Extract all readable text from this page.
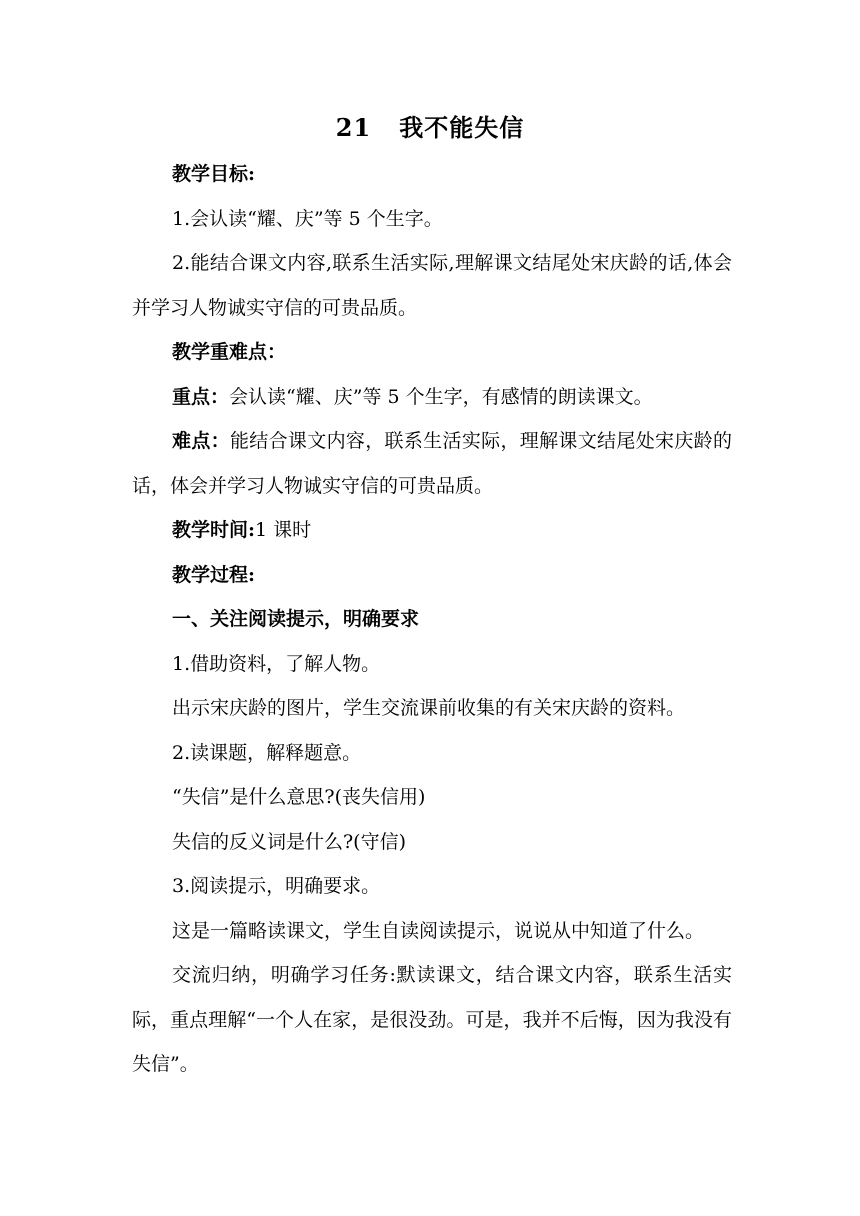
21   我不能失信

教学目标:

1.会认读“耀、庆”等 5 个生字。

2.能结合课文内容,联系生活实际,理解课文结尾处宋庆龄的话,体会并学习人物诚实守信的可贵品质。

教学重难点：

重点：会认读“耀、庆”等 5 个生字，有感情的朗读课文。

难点：能结合课文内容，联系生活实际，理解课文结尾处宋庆龄的话，体会并学习人物诚实守信的可贵品质。

教学时间:1 课时

教学过程:

一、关注阅读提示，明确要求

1.借助资料，了解人物。

出示宋庆龄的图片，学生交流课前收集的有关宋庆龄的资料。

2.读课题，解释题意。

“失信”是什么意思?(丧失信用)

失信的反义词是什么?(守信)

3.阅读提示，明确要求。

这是一篇略读课文，学生自读阅读提示，说说从中知道了什么。

交流归纳，明确学习任务:默读课文，结合课文内容，联系生活实际，重点理解“一个人在家，是很没劲。可是，我并不后悔，因为我没有失信”。
